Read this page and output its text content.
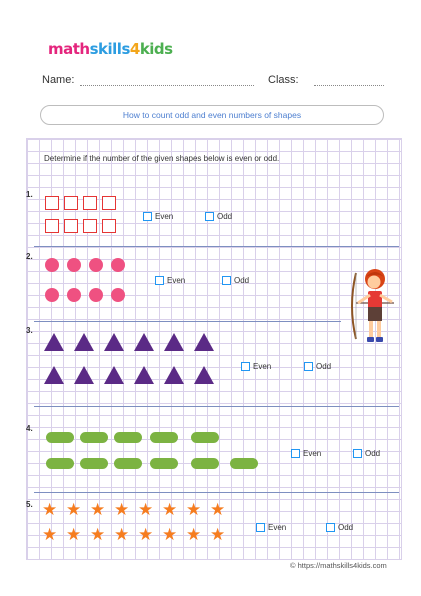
mathskills4kids
Name:	Class:
How to count odd and even numbers of shapes
Determine if the number of the given shapes below is even or odd.
1.
Even	Odd
2.
Even	Odd
3.
Even	Odd
4.
Even	Odd
5. ★ ★ ★ ★ ★ ★ ★ ★
★ ★ ★ ★ ★ ★ ★ ★	Even	Odd
© https://mathskills4kids.com
